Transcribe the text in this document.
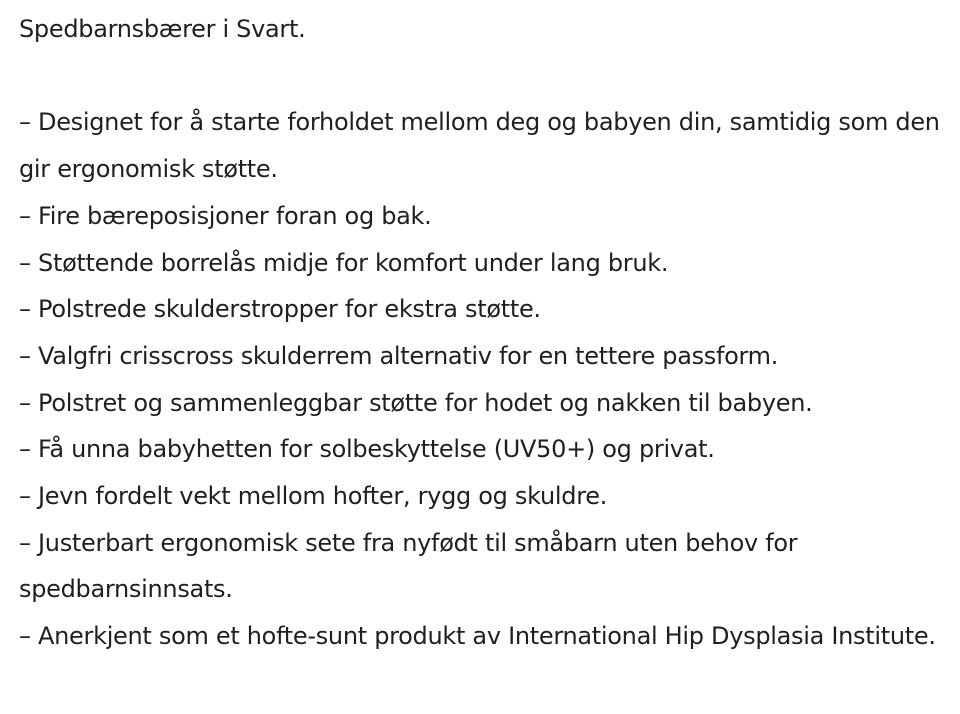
Spedbarnsbærer i Svart.

– Designet for å starte forholdet mellom deg og babyen din, samtidig som den gir ergonomisk støtte.
– Fire bæreposisjoner foran og bak.
– Støttende borrelås midje for komfort under lang bruk.
– Polstrede skulderstropper for ekstra støtte.
– Valgfri crisscross skulderrem alternativ for en tettere passform.
– Polstret og sammenleggbar støtte for hodet og nakken til babyen.
– Få unna babyhetten for solbeskyttelse (UV50+) og privat.
– Jevn fordelt vekt mellom hofter, rygg og skuldre.
– Justerbart ergonomisk sete fra nyfødt til småbarn uten behov for spedbarnsinnsats.
– Anerkjent som et hofte-sunt produkt av International Hip Dysplasia Institute.
